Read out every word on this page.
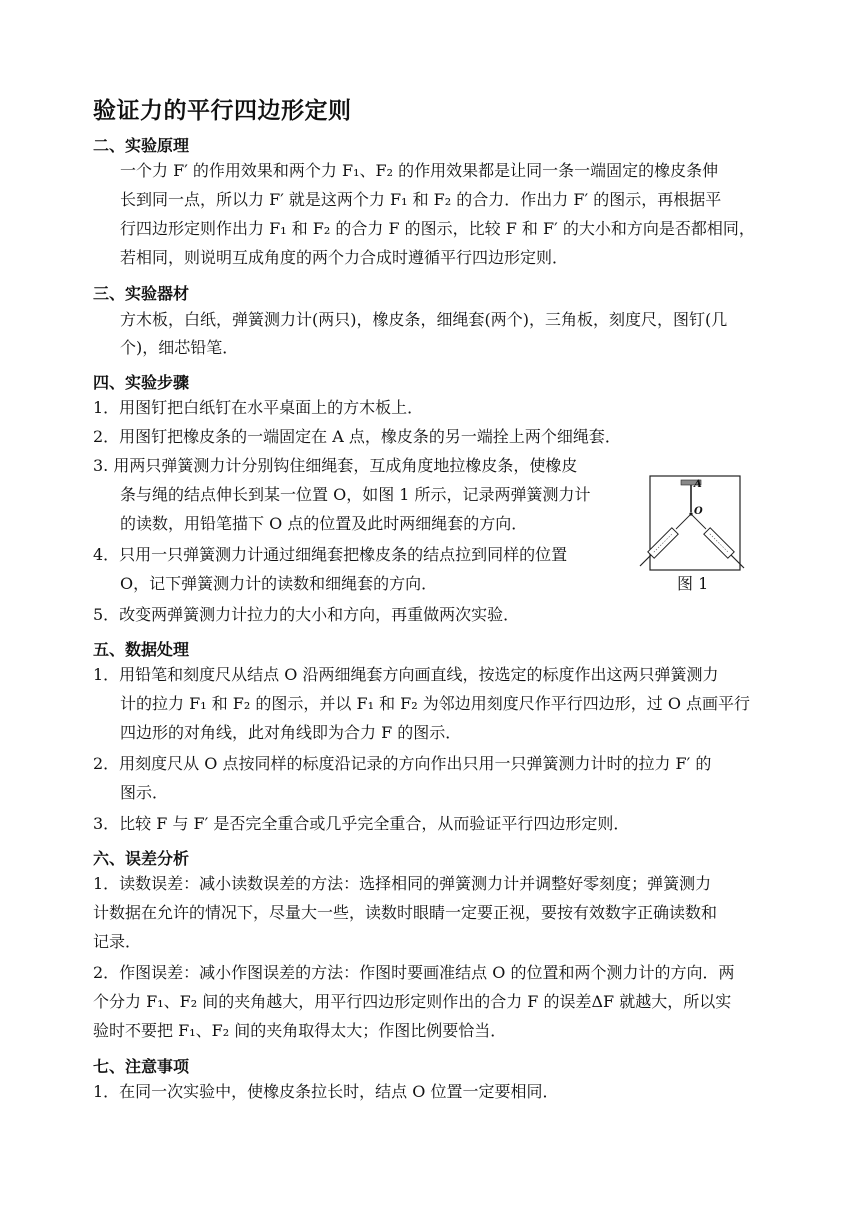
验证力的平行四边形定则
二、实验原理
一个力 F′ 的作用效果和两个力 F₁、F₂ 的作用效果都是让同一条一端固定的橡皮条伸
长到同一点，所以力 F′ 就是这两个力 F₁ 和 F₂ 的合力．作出力 F′ 的图示，再根据平
行四边形定则作出力 F₁ 和 F₂ 的合力 F 的图示，比较 F 和 F′ 的大小和方向是否都相同，
若相同，则说明互成角度的两个力合成时遵循平行四边形定则．
三、实验器材
方木板，白纸，弹簧测力计(两只)，橡皮条，细绳套(两个)，三角板，刻度尺，图钉(几
个)，细芯铅笔．
四、实验步骤
1．用图钉把白纸钉在水平桌面上的方木板上．
2．用图钉把橡皮条的一端固定在 A 点，橡皮条的另一端拴上两个细绳套．
3. 用两只弹簧测力计分别钩住细绳套，互成角度地拉橡皮条，使橡皮
条与绳的结点伸长到某一位置 O，如图 1 所示，记录两弹簧测力计
的读数，用铅笔描下 O 点的位置及此时两细绳套的方向．
4．只用一只弹簧测力计通过细绳套把橡皮条的结点拉到同样的位置
O，记下弹簧测力计的读数和细绳套的方向．
5．改变两弹簧测力计拉力的大小和方向，再重做两次实验．
A
O
图 1
五、数据处理
1．用铅笔和刻度尺从结点 O 沿两细绳套方向画直线，按选定的标度作出这两只弹簧测力
计的拉力 F₁ 和 F₂ 的图示，并以 F₁ 和 F₂ 为邻边用刻度尺作平行四边形，过 O 点画平行
四边形的对角线，此对角线即为合力 F 的图示．
2．用刻度尺从 O 点按同样的标度沿记录的方向作出只用一只弹簧测力计时的拉力 F′ 的
图示．
3．比较 F 与 F′ 是否完全重合或几乎完全重合，从而验证平行四边形定则．
六、误差分析
1．读数误差：减小读数误差的方法：选择相同的弹簧测力计并调整好零刻度；弹簧测力
计数据在允许的情况下，尽量大一些，读数时眼睛一定要正视，要按有效数字正确读数和
记录．
2．作图误差：减小作图误差的方法：作图时要画准结点 O 的位置和两个测力计的方向．两
个分力 F₁、F₂ 间的夹角越大，用平行四边形定则作出的合力 F 的误差ΔF 就越大，所以实
验时不要把 F₁、F₂ 间的夹角取得太大；作图比例要恰当．
七、注意事项
1．在同一次实验中，使橡皮条拉长时，结点 O 位置一定要相同．
